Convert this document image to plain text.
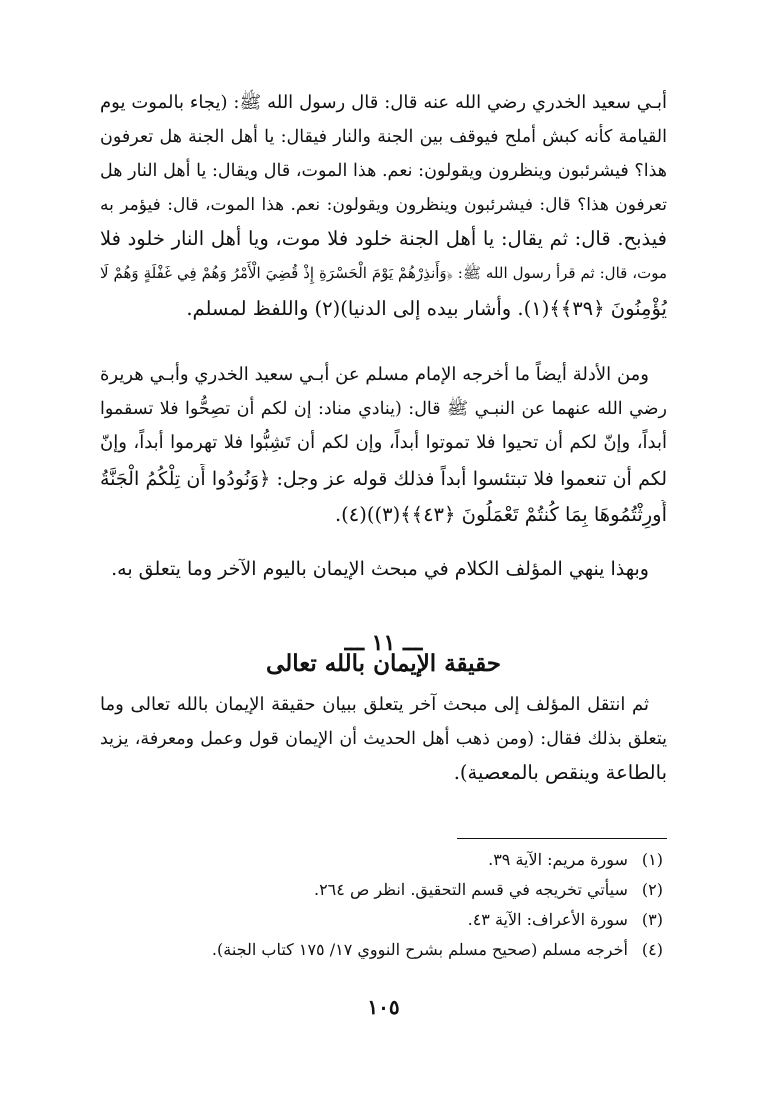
أبـي سعيد الخدري رضي الله عنه قال: قال رسول الله ﷺ: (يجاء بالموت يوم
القيامة كأنه كبش أملح فيوقف بين الجنة والنار فيقال: يا أهل الجنة هل تعرفون
هذا؟ فيشرئبون وينظرون ويقولون: نعم. هذا الموت، قال ويقال: يا أهل النار هل
تعرفون هذا؟ قال: فيشرئبون وينظرون ويقولون: نعم. هذا الموت، قال: فيؤمر به
فيذبح. قال: ثم يقال: يا أهل الجنة خلود فلا موت، ويا أهل النار خلود فلا
موت، قال: ثم قرأ رسول الله ﷺ: ﴿وَأَنذِرْهُمْ يَوْمَ الْحَسْرَةِ إِذْ قُضِيَ الْأَمْرُ وَهُمْ فِي غَفْلَةٍ وَهُمْ لَا
يُؤْمِنُونَ ﴿٣٩﴾﴾(١). وأشار بيده إلى الدنيا)(٢) واللفظ لمسلم.
ومن الأدلة أيضاً ما أخرجه الإمام مسلم عن أبـي سعيد الخدري وأبـي هريرة
رضي الله عنهما عن النبـي ﷺ قال: (ينادي مناد: إن لكم أن تصِحُّوا فلا تسقموا
أبداً، وإنّ لكم أن تحيوا فلا تموتوا أبداً، وإن لكم أن تَشِبُّوا فلا تهرموا أبداً، وإنّ
لكم أن تنعموا فلا تبتئسوا أبداً فذلك قوله عز وجل: ﴿وَنُودُوا أَن تِلْكُمُ الْجَنَّةُ
أُورِثْتُمُوهَا بِمَا كُنتُمْ تَعْمَلُونَ ﴿٤٣﴾﴾(٣))(٤).
وبهذا ينهي المؤلف الكلام في مبحث الإيمان باليوم الآخر وما يتعلق به.
ـــ ١١ ـــ
حقيقة الإيمان بالله تعالى
ثم انتقل المؤلف إلى مبحث آخر يتعلق ببيان حقيقة الإيمان بالله تعالى وما
يتعلق بذلك فقال: (ومن ذهب أهل الحديث أن الإيمان قول وعمل ومعرفة، يزيد
بالطاعة وينقص بالمعصية).
(١)سورة مريم: الآية ٣٩.
(٢)سيأتي تخريجه في قسم التحقيق. انظر ص ٢٦٤.
(٣)سورة الأعراف: الآية ٤٣.
(٤)أخرجه مسلم (صحيح مسلم بشرح النووي ١٧/ ١٧٥ كتاب الجنة).
١٠٥
